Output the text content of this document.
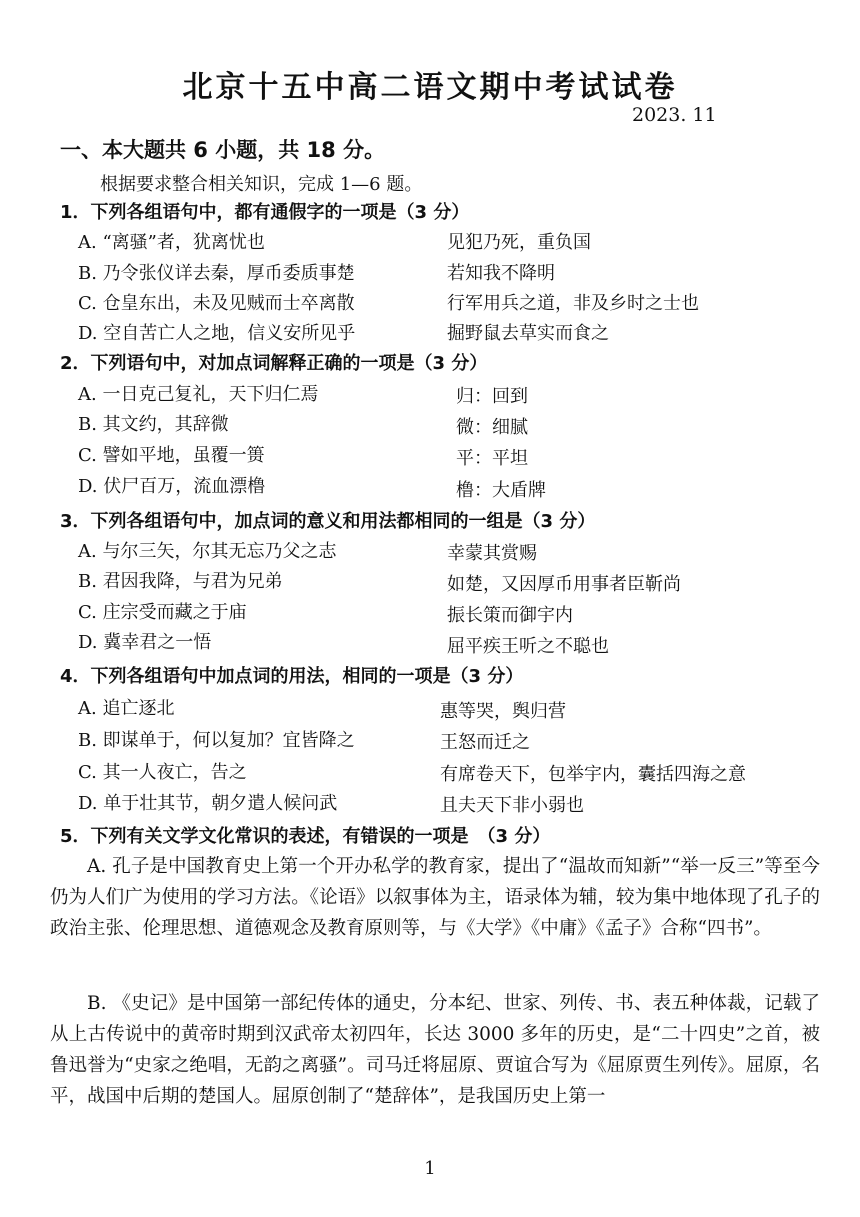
北京十五中高二语文期中考试试卷
2023. 11
一、本大题共 6 小题，共 18 分。
根据要求整合相关知识，完成 1—6 题。
1．下列各组语句中，都有通假字的一项是（3 分）
A. “离骚”者，犹离忧也	见犯乃死，重负国
B. 乃令张仪详去秦，厚币委质事楚	若知我不降明
C. 仓皇东出，未及见贼而士卒离散	行军用兵之道，非及乡时之士也
D. 空自苦亡人之地，信义安所见乎	掘野鼠去草实而食之
2．下列语句中，对加点词解释正确的一项是（3 分）
A. 一日克己复礼，天下归仁焉	归：回到
B. 其文约，其辞微	微：细腻
C. 譬如平地，虽覆一篑	平：平坦
D. 伏尸百万，流血漂橹	橹：大盾牌
3．下列各组语句中，加点词的意义和用法都相同的一组是（3 分）
A. 与尔三矢，尔其无忘乃父之志	幸蒙其赏赐
B. 君因我降，与君为兄弟	如楚，又因厚币用事者臣靳尚
C. 庄宗受而藏之于庙	振长策而御宇内
D. 冀幸君之一悟	屈平疾王听之不聪也
4．下列各组语句中加点词的用法，相同的一项是（3 分）
A. 追亡逐北	惠等哭，舆归营
B. 即谋单于，何以复加？宜皆降之	王怒而迁之
C. 其一人夜亡，告之	有席卷天下，包举宇内，囊括四海之意
D. 单于壮其节，朝夕遣人候问武	且夫天下非小弱也
5．下列有关文学文化常识的表述，有错误的一项是　（3 分）

A. 孔子是中国教育史上第一个开办私学的教育家，提出了“温故而知新”“举一反三”等至今仍为人们广为使用的学习方法。《论语》以叙事体为主，语录体为辅，较为集中地体现了孔子的政治主张、伦理思想、道德观念及教育原则等，与《大学》《中庸》《孟子》合称“四书”。

B. 《史记》是中国第一部纪传体的通史，分本纪、世家、列传、书、表五种体裁，记载了从上古传说中的黄帝时期到汉武帝太初四年，长达 3000 多年的历史，是“二十四史”之首，被鲁迅誉为“史家之绝唱，无韵之离骚”。司马迁将屈原、贾谊合写为《屈原贾生列传》。屈原，名平，战国中后期的楚国人。屈原创制了“楚辞体”，是我国历史上第一

1
